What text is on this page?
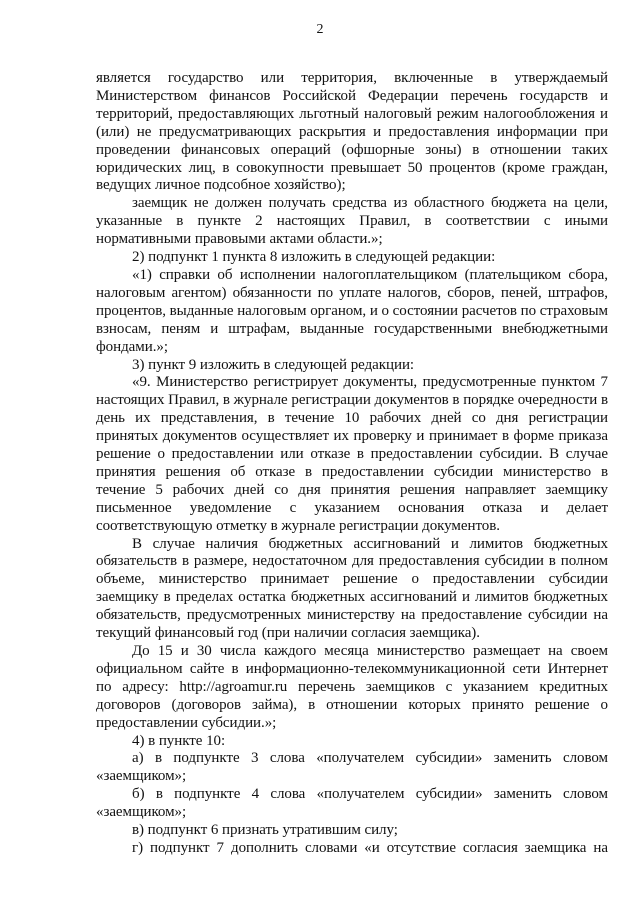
2

является государство или территория, включенные в утверждаемый Министерством финансов Российской Федерации перечень государств и территорий, предоставляющих льготный налоговый режим налогообложения и (или) не предусматривающих раскрытия и предоставления информации при проведении финансовых операций (офшорные зоны) в отношении таких юридических лиц, в совокупности превышает 50 процентов (кроме граждан, ведущих личное подсобное хозяйство);

заемщик не должен получать средства из областного бюджета на цели, указанные в пункте 2 настоящих Правил, в соответствии с иными нормативными правовыми актами области.»;

2) подпункт 1 пункта 8 изложить в следующей редакции:

«1) справки об исполнении налогоплательщиком (плательщиком сбора, налоговым агентом) обязанности по уплате налогов, сборов, пеней, штрафов, процентов, выданные налоговым органом, и о состоянии расчетов по страховым взносам, пеням и штрафам, выданные государственными внебюджетными фондами.»;

3) пункт 9 изложить в следующей редакции:

«9. Министерство регистрирует документы, предусмотренные пунктом 7 настоящих Правил, в журнале регистрации документов в порядке очередности в день их представления, в течение 10 рабочих дней со дня регистрации принятых документов осуществляет их проверку и принимает в форме приказа решение о предоставлении или отказе в предоставлении субсидии. В случае принятия решения об отказе в предоставлении субсидии министерство в течение 5 рабочих дней со дня принятия решения направляет заемщику письменное уведомление с указанием основания отказа и делает соответствующую отметку в журнале регистрации документов.

В случае наличия бюджетных ассигнований и лимитов бюджетных обязательств в размере, недостаточном для предоставления субсидии в полном объеме, министерство принимает решение о предоставлении субсидии заемщику в пределах остатка бюджетных ассигнований и лимитов бюджетных обязательств, предусмотренных министерству на предоставление субсидии на текущий финансовый год (при наличии согласия заемщика).

До 15 и 30 числа каждого месяца министерство размещает на своем официальном сайте в информационно-телекоммуникационной сети Интернет по адресу: http://agroamur.ru перечень заемщиков с указанием кредитных договоров (договоров займа), в отношении которых принято решение о предоставлении субсидии.»;

4) в пункте 10:

а) в подпункте 3 слова «получателем субсидии» заменить словом «заемщиком»;

б) в подпункте 4 слова «получателем субсидии» заменить словом «заемщиком»;

в) подпункт 6 признать утратившим силу;

г) подпункт 7 дополнить словами «и отсутствие согласия заемщика на
